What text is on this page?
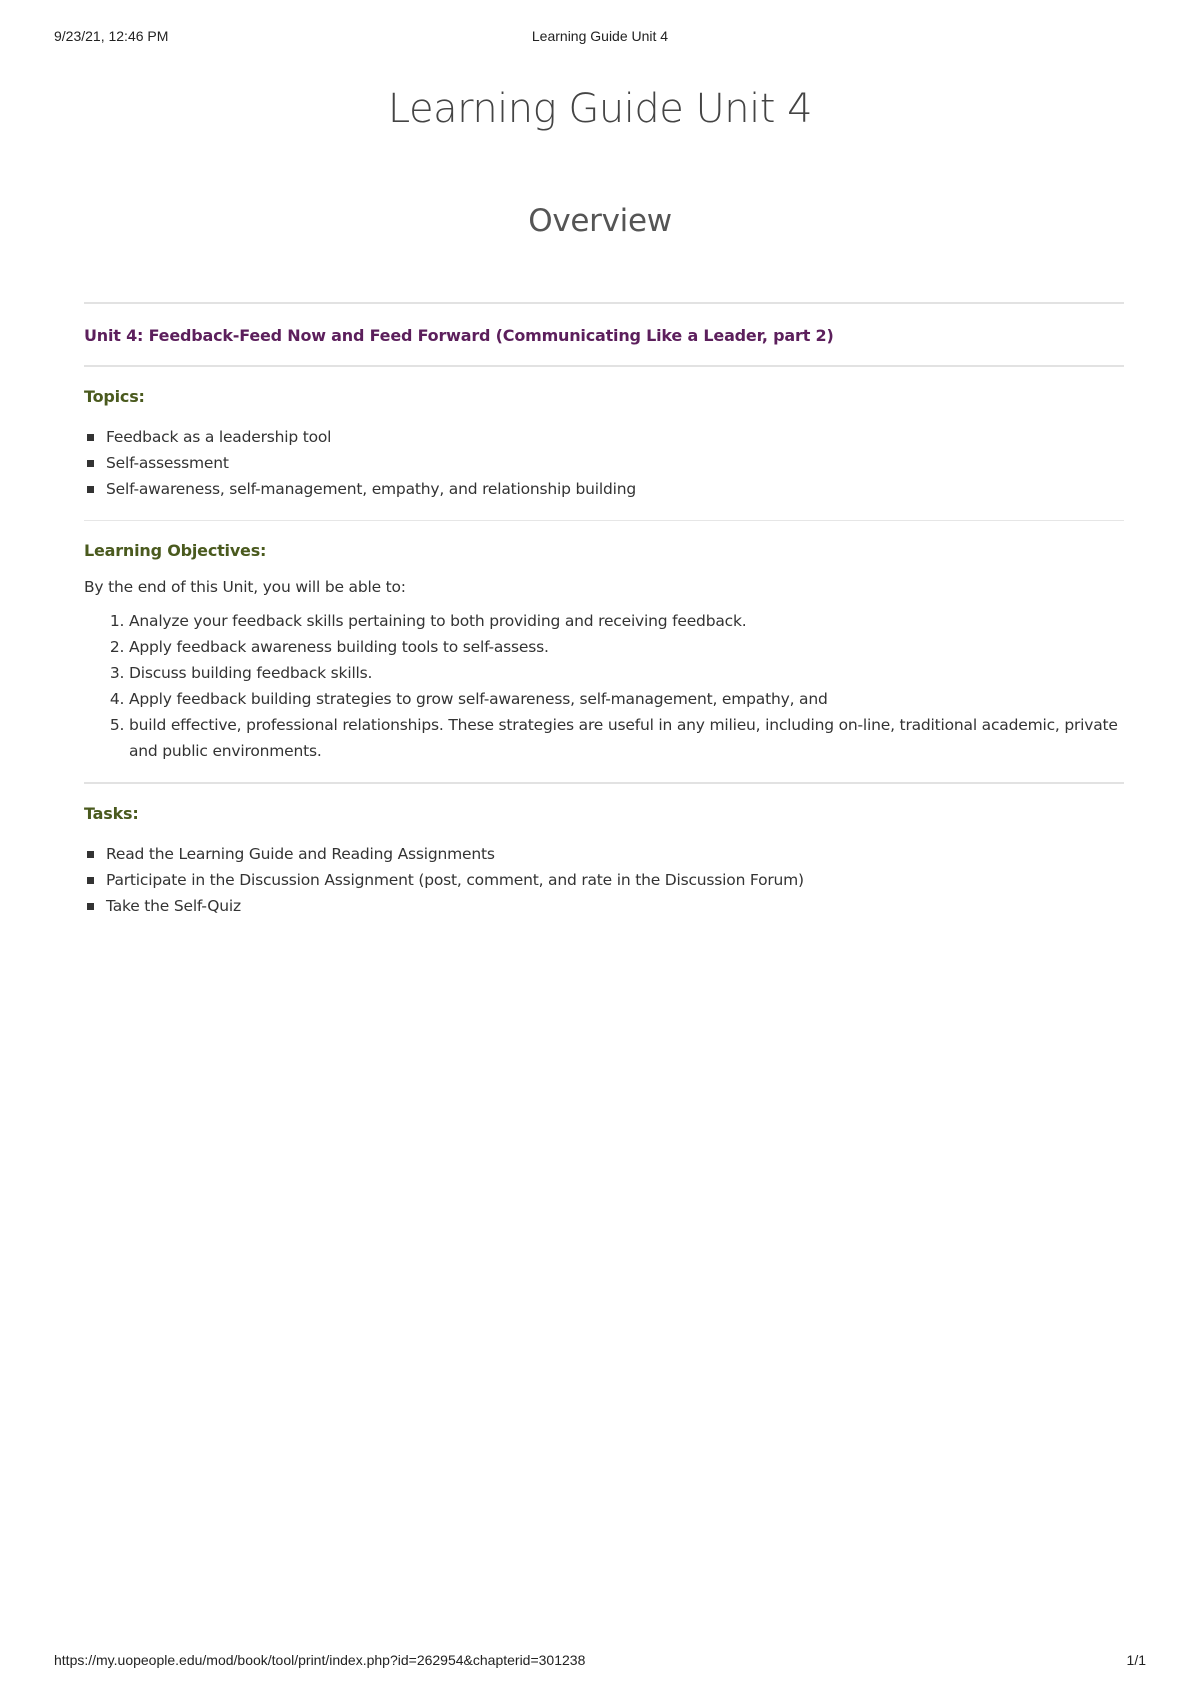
9/23/21, 12:46 PM	Learning Guide Unit 4
Learning Guide Unit 4
Overview
Unit 4: Feedback-Feed Now and Feed Forward (Communicating Like a Leader, part 2)
Topics:
Feedback as a leadership tool
Self-assessment
Self-awareness, self-management, empathy, and relationship building
Learning Objectives:

By the end of this Unit, you will be able to:

1. Analyze your feedback skills pertaining to both providing and receiving feedback.
2. Apply feedback awareness building tools to self-assess.
3. Discuss building feedback skills.
4. Apply feedback building strategies to grow self-awareness, self-management, empathy, and
5. build effective, professional relationships. These strategies are useful in any milieu, including on-line, traditional academic, private and public environments.
Tasks:
Read the Learning Guide and Reading Assignments
Participate in the Discussion Assignment (post, comment, and rate in the Discussion Forum)
Take the Self-Quiz
https://my.uopeople.edu/mod/book/tool/print/index.php?id=262954&chapterid=301238	1/1
